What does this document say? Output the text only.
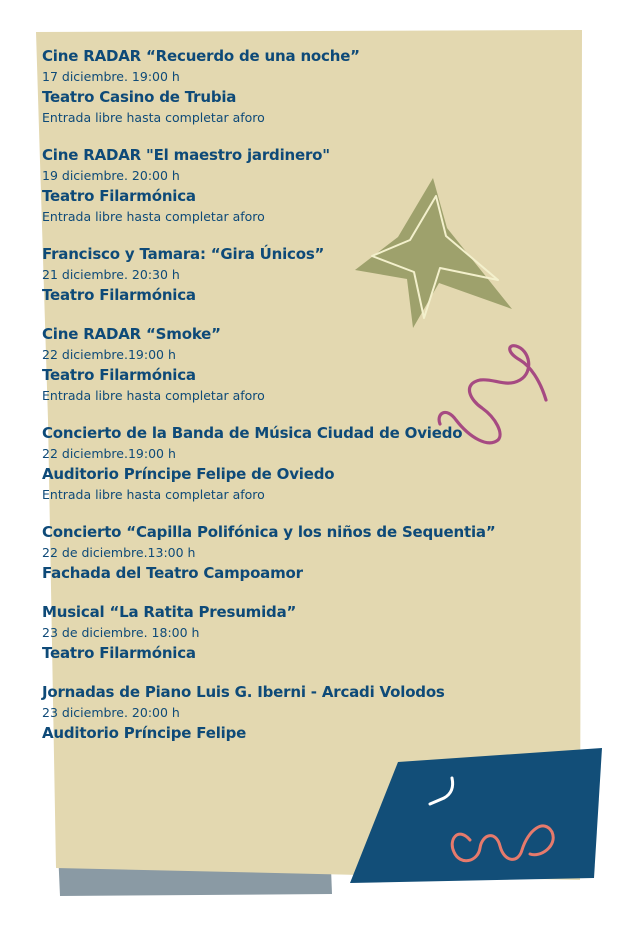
Cine RADAR “Recuerdo de una noche”
17 diciembre. 19:00 h
Teatro Casino de Trubia
Entrada libre hasta completar aforo
Cine RADAR "El maestro jardinero"
19 diciembre. 20:00 h
Teatro Filarmónica
Entrada libre hasta completar aforo
Francisco y Tamara: “Gira Únicos”
21 diciembre. 20:30 h
Teatro Filarmónica
Cine RADAR “Smoke”
22 diciembre.19:00 h
Teatro Filarmónica
Entrada libre hasta completar aforo
Concierto de la Banda de Música Ciudad de Oviedo
22 diciembre.19:00 h
Auditorio Príncipe Felipe de Oviedo
Entrada libre hasta completar aforo
Concierto “Capilla Polifónica y los niños de Sequentia”
22 de diciembre.13:00 h
Fachada del Teatro Campoamor
Musical “La Ratita Presumida”
23 de diciembre. 18:00 h
Teatro Filarmónica
Jornadas de Piano Luis G. Iberni - Arcadi Volodos
23 diciembre. 20:00 h
Auditorio Príncipe Felipe
